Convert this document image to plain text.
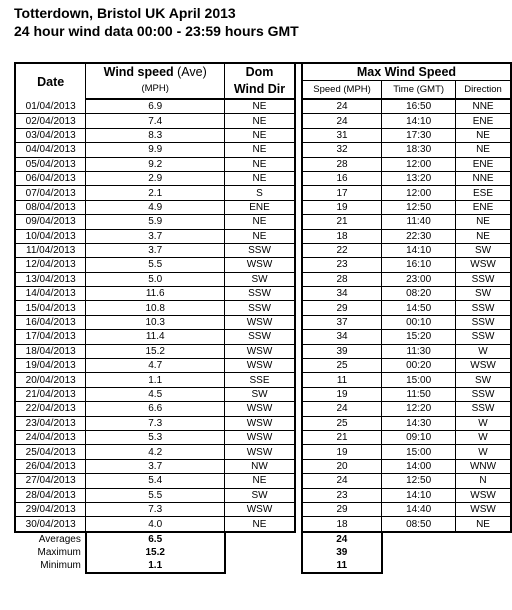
Totterdown, Bristol UK April 2013
24 hour wind data 00:00 - 23:59 hours GMT
Date	Wind speed (Ave)	Dom		Max Wind Speed		
	(MPH)	Wind Dir		Speed (MPH)	Time (GMT)	Direction
01/04/2013	6.9	NE		24	16:50	NNE
02/04/2013	7.4	NE		24	14:10	ENE
03/04/2013	8.3	NE		31	17:30	NE
04/04/2013	9.9	NE		32	18:30	NE
05/04/2013	9.2	NE		28	12:00	ENE
06/04/2013	2.9	NE		16	13:20	NNE
07/04/2013	2.1	S		17	12:00	ESE
08/04/2013	4.9	ENE		19	12:50	ENE
09/04/2013	5.9	NE		21	11:40	NE
10/04/2013	3.7	NE		18	22:30	NE
11/04/2013	3.7	SSW		22	14:10	SW
12/04/2013	5.5	WSW		23	16:10	WSW
13/04/2013	5.0	SW		28	23:00	SSW
14/04/2013	11.6	SSW		34	08:20	SW
15/04/2013	10.8	SSW		29	14:50	SSW
16/04/2013	10.3	WSW		37	00:10	SSW
17/04/2013	11.4	SSW		34	15:20	SSW
18/04/2013	15.2	WSW		39	11:30	W
19/04/2013	4.7	WSW		25	00:20	WSW
20/04/2013	1.1	SSE		11	15:00	SW
21/04/2013	4.5	SW		19	11:50	SSW
22/04/2013	6.6	WSW		24	12:20	SSW
23/04/2013	7.3	WSW		25	14:30	W
24/04/2013	5.3	WSW		21	09:10	W
25/04/2013	4.2	WSW		19	15:00	W
26/04/2013	3.7	NW		20	14:00	WNW
27/04/2013	5.4	NE		24	12:50	N
28/04/2013	5.5	SW		23	14:10	WSW
29/04/2013	7.3	WSW		29	14:40	WSW
30/04/2013	4.0	NE		18	08:50	NE
Averages	6.5			24		
Maximum	15.2			39		
Minimum	1.1			11		
